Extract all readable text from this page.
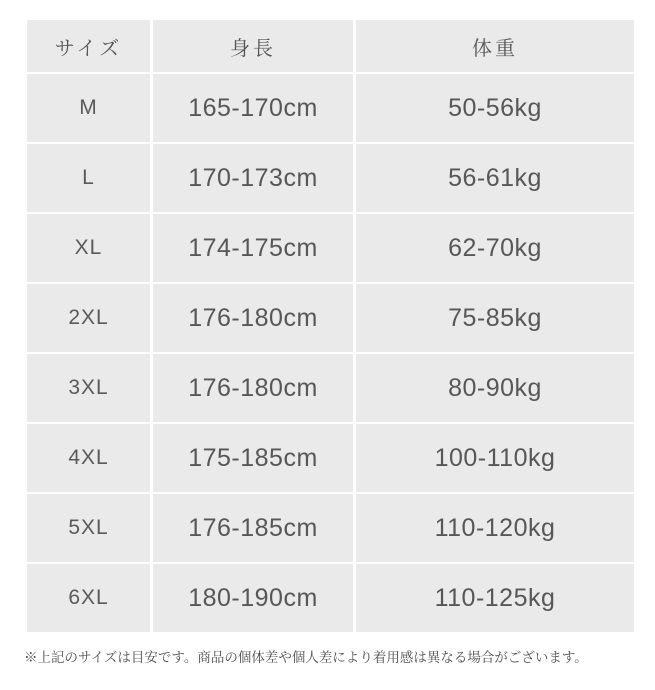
サイズ	身長	体重
M	165-170cm	50-56kg
L	170-173cm	56-61kg
XL	174-175cm	62-70kg
2XL	176-180cm	75-85kg
3XL	176-180cm	80-90kg
4XL	175-185cm	100-110kg
5XL	176-185cm	110-120kg
6XL	180-190cm	110-125kg
※上記のサイズは目安です。商品の個体差や個人差により着用感は異なる場合がございます。
